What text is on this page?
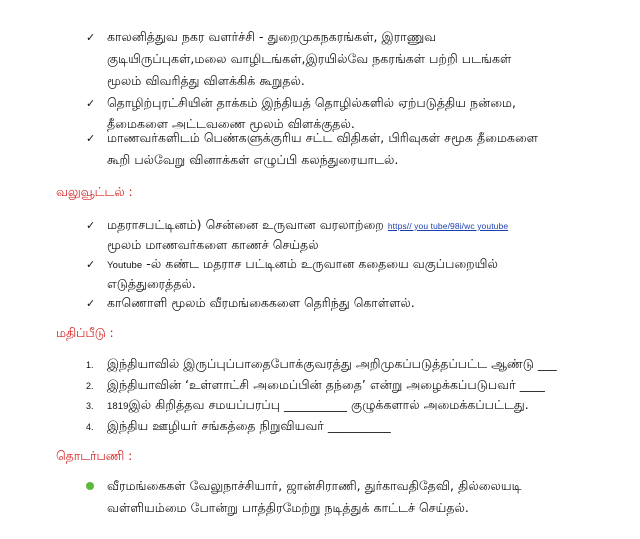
✓ காலனித்துவ நகர வளர்ச்சி - துறைமுகநகரங்கள், இராணுவ
குடியிருப்புகள்,மலை வாழிடங்கள்,இரயில்வே நகரங்கள் பற்றி படங்கள்
மூலம் விவரித்து விளக்கிக் கூறுதல்.
✓ தொழிற்புரட்சியின் தாக்கம் இந்தியத் தொழில்களில் ஏற்படுத்திய நன்மை,
தீமைகளை அட்டவணை மூலம் விளக்குதல்.
✓ மாணவர்களிடம் பெண்களுக்குரிய சட்ட விதிகள், பிரிவுகள் சமூக தீமைகளை
கூறி பல்வேறு வினாக்கள் எழுப்பி கலந்துரையாடல்.
வலுவூட்டல் :
✓ மதராசபட்டினம்) சென்னை உருவான வரலாற்றை https// you tube/98i/wc youtube
மூலம் மாணவர்களை காணச் செய்தல்
✓ Youtube -ல் கண்ட மதராச பட்டினம் உருவான கதையை வகுப்பறையில்
எடுத்துரைத்தல்.
✓ காணொளி மூலம் வீரமங்கைகளை தெரிந்து கொள்ளல்.
மதிப்பீடு :
1. இந்தியாவில் இருப்புப்பாதைபோக்குவரத்து அறிமுகப்படுத்தப்பட்ட ஆண்டு ___
2. இந்தியாவின் ‘உள்ளாட்சி அமைப்பின் தந்தை’ என்று அழைக்கப்படுபவர் ____
3. 1819இல் கிறித்தவ சமயப்பரப்பு __________ குழுக்களால் அமைக்கப்பட்டது.
4. இந்திய ஊழியர் சங்கத்தை நிறுவியவர் __________
தொடர்பணி :
வீரமங்கைகள் வேலுநாச்சியார், ஜான்சிராணி, துர்காவதிதேவி, தில்லையடி
வள்ளியம்மை போன்று பாத்திரமேற்று நடித்துக் காட்டச் செய்தல்.
